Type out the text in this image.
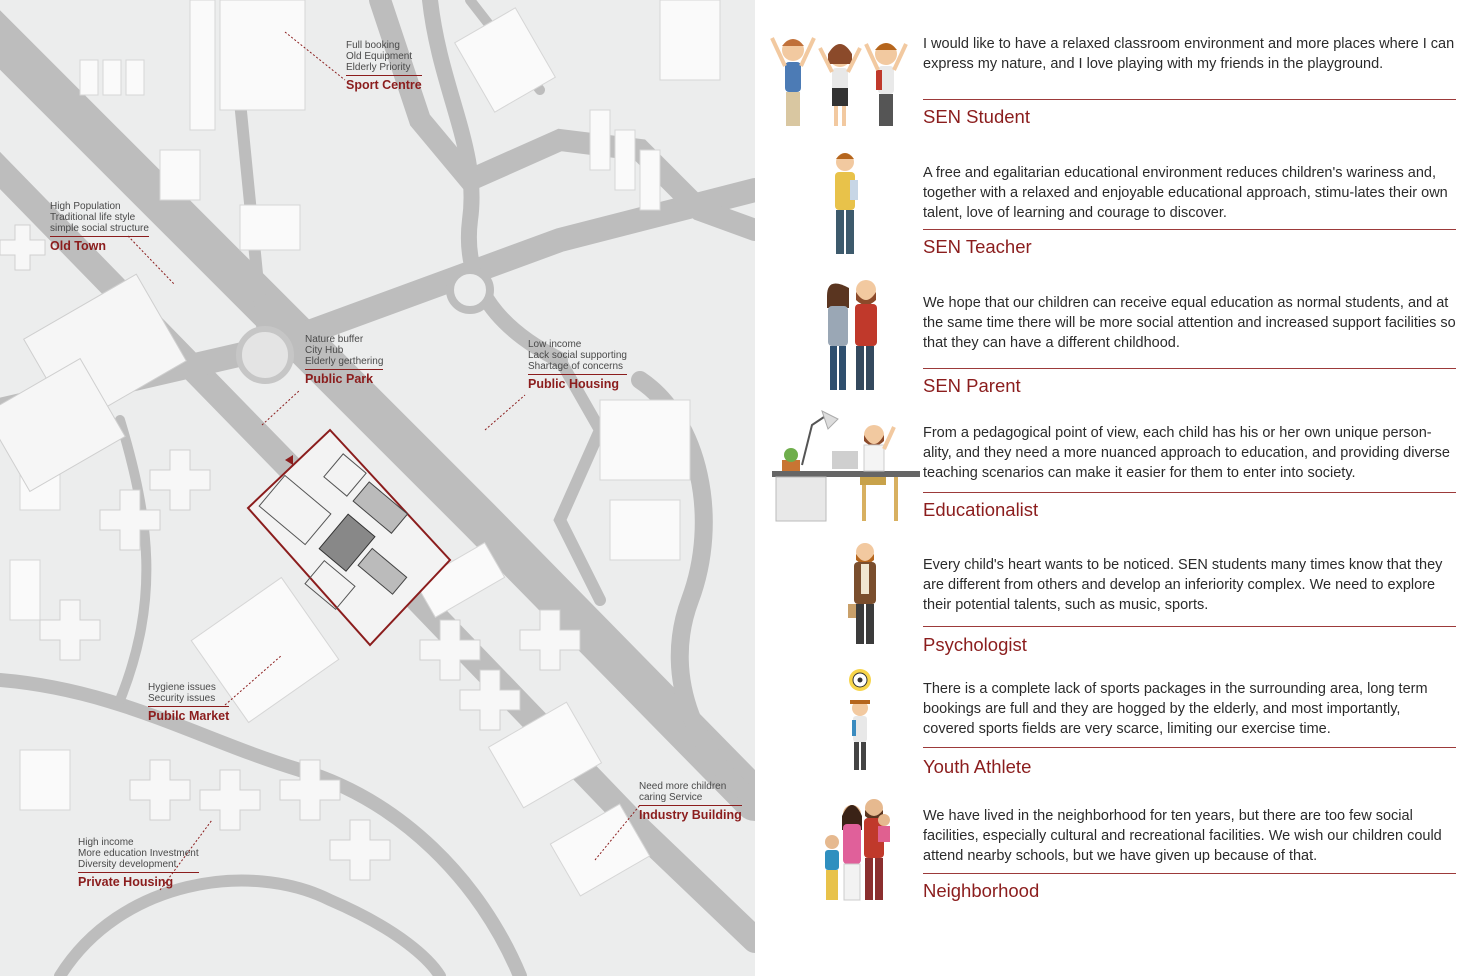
Full booking
Old Equipment
Elderly Priority
Sport Centre
High Population
Traditional life style
simple social structure
Old Town
Nature buffer
City Hub
Elderly gerthering
Public Park
Low income
Lack social supporting
Shartage of concerns
Public Housing
Hygiene issues
Security issues
Pubilc Market
Need more children
caring Service
Industry Building
High income
More education Investment
Diversity development
Private Housing
I would like to have a relaxed classroom environment and more places where I can express my nature, and I love playing with my friends in the playground.
SEN Student
A free and egalitarian educational environment reduces children's wariness and, together with a relaxed and enjoyable educational approach, stimu-lates their own talent, love of learning and courage to discover.
SEN Teacher
We hope that our children can receive equal education as normal students, and at the same time there will be more social attention and increased support facilities so that they can have a different childhood.
SEN Parent
From a pedagogical point of view, each child has his or her own unique person-ality, and they need a more nuanced approach to education, and providing diverse teaching scenarios can make it easier for them to enter into society.
Educationalist
Every child's heart wants to be noticed. SEN students many times know that they are different from others and develop an inferiority complex. We need to explore their potential talents, such as music, sports.
Psychologist
There is a complete lack of sports packages in the surrounding area, long term bookings are full and they are hogged by the elderly, and most importantly, covered sports fields are very scarce, limiting our exercise time.
Youth Athlete
We have lived in the neighborhood for ten years, but there are too few social facilities, especially cultural and recreational facilities. We wish our children could attend nearby schools, but we have given up because of that.
Neighborhood
